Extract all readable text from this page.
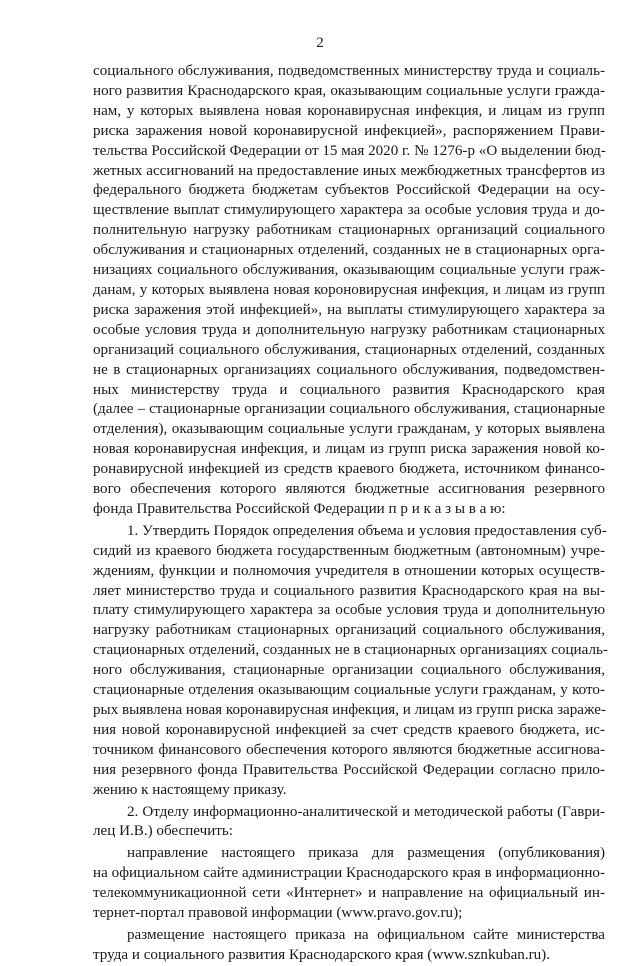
2
социального обслуживания, подведомственных министерству труда и социаль-
ного развития Краснодарского края, оказывающим социальные услуги гражда-
нам, у которых выявлена новая коронавирусная инфекция, и лицам из групп
риска заражения новой коронавирусной инфекцией», распоряжением Прави-
тельства Российской Федерации от 15 мая 2020 г. № 1276-р «О выделении бюд-
жетных ассигнований на предоставление иных межбюджетных трансфертов из
федерального бюджета бюджетам субъектов Российской Федерации на осу-
ществление выплат стимулирующего характера за особые условия труда и до-
полнительную нагрузку работникам стационарных организаций социального
обслуживания и стационарных отделений, созданных не в стационарных орга-
низациях социального обслуживания, оказывающим социальные услуги граж-
данам, у которых выявлена новая короновирусная инфекция, и лицам из групп
риска заражения этой инфекцией», на выплаты стимулирующего характера за
особые условия труда и дополнительную нагрузку работникам стационарных
организаций социального обслуживания, стационарных отделений, созданных
не в стационарных организациях социального обслуживания, подведомствен-
ных министерству труда и социального развития Краснодарского края
(далее – стационарные организации социального обслуживания, стационарные
отделения), оказывающим социальные услуги гражданам, у которых выявлена
новая коронавирусная инфекция, и лицам из групп риска заражения новой ко-
ронавирусной инфекцией из средств краевого бюджета, источником финансо-
вого обеспечения которого являются бюджетные ассигнования резервного
фонда Правительства Российской Федерации п р и к а з ы в а ю:
1. Утвердить Порядок определения объема и условия предоставления суб-
сидий из краевого бюджета государственным бюджетным (автономным) учре-
ждениям, функции и полномочия учредителя в отношении которых осуществ-
ляет министерство труда и социального развития Краснодарского края на вы-
плату стимулирующего характера за особые условия труда и дополнительную
нагрузку работникам стационарных организаций социального обслуживания,
стационарных отделений, созданных не в стационарных организациях социаль-
ного обслуживания, стационарные организации социального обслуживания,
стационарные отделения оказывающим социальные услуги гражданам, у кото-
рых выявлена новая коронавирусная инфекция, и лицам из групп риска зараже-
ния новой коронавирусной инфекцией за счет средств краевого бюджета, ис-
точником финансового обеспечения которого являются бюджетные ассигнова-
ния резервного фонда Правительства Российской Федерации согласно прило-
жению к настоящему приказу.
2. Отделу информационно-аналитической и методической работы (Гаври-
лец И.В.) обеспечить:
направление настоящего приказа для размещения (опубликования)
на официальном сайте администрации Краснодарского края в информационно-
телекоммуникационной сети «Интернет» и направление на официальный ин-
тернет-портал правовой информации (www.pravo.gov.ru);
размещение настоящего приказа на официальном сайте министерства
труда и социального развития Краснодарского края (www.sznkuban.ru).
